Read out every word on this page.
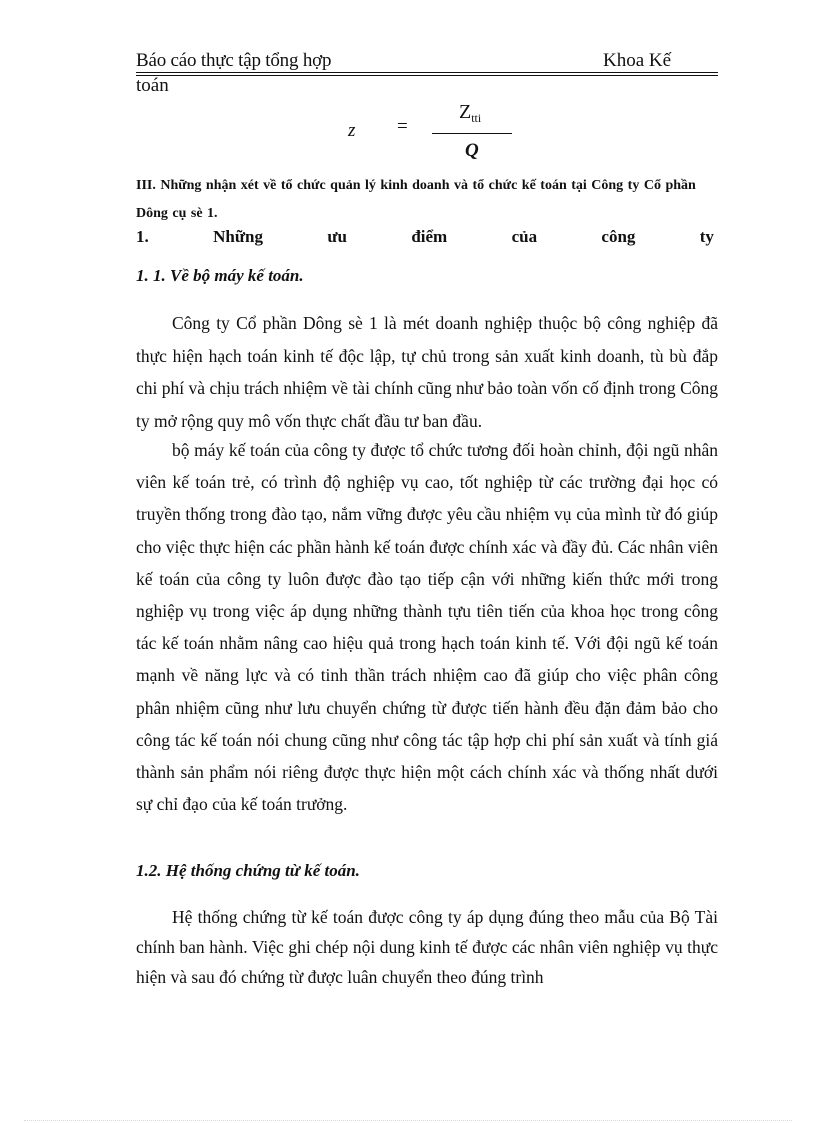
Báo cáo thực tập tổng hợp	Khoa Kế
toán
z =
$Z_{tti}$
Q
III. Những nhận xét về tổ chức quản lý kinh doanh và tổ chức kế toán tại Công ty Cổ phần Dông cụ sè 1.
1.	Những	ưu	điểm	của	công	ty
1. 1. Về bộ máy kế toán.

Công ty Cổ phần Dông sè 1 là mét doanh nghiệp thuộc bộ công nghiệp đã thực hiện hạch toán kinh tế độc lập, tự chủ trong sản xuất kinh doanh, tù bù đắp chi phí và chịu trách nhiệm về tài chính cũng như bảo toàn vốn cố định trong Công ty mở rộng quy mô vốn thực chất đầu tư ban đầu.

bộ máy kế toán của công ty được tổ chức tương đối hoàn chỉnh, đội ngũ nhân viên kế toán trẻ, có trình độ nghiệp vụ cao, tốt nghiệp từ các trường đại học có truyền thống trong đào tạo, nắm vững được yêu cầu nhiệm vụ của mình từ đó giúp cho việc thực hiện các phần hành kế toán được chính xác và đầy đủ. Các nhân viên kế toán của công ty luôn được đào tạo tiếp cận với những kiến thức mới trong nghiệp vụ trong việc áp dụng những thành tựu tiên tiến của khoa học trong công tác kế toán nhằm nâng cao hiệu quả trong hạch toán kinh tế. Với đội ngũ kế toán mạnh về năng lực và có tinh thần trách nhiệm cao đã giúp cho việc phân công phân nhiệm cũng như lưu chuyển chứng từ được tiến hành đều đặn đảm bảo cho công tác kế toán nói chung cũng như công tác tập hợp chi phí sản xuất và tính giá thành sản phẩm nói riêng được thực hiện một cách chính xác và thống nhất dưới sự chỉ đạo của kế toán trưởng.

1.2. Hệ thống chứng từ kế toán.

Hệ thống chứng từ kế toán được công ty áp dụng đúng theo mẫu của Bộ Tài chính ban hành. Việc ghi chép nội dung kinh tế được các nhân viên nghiệp vụ thực hiện và sau đó chứng từ được luân chuyển theo đúng trình
